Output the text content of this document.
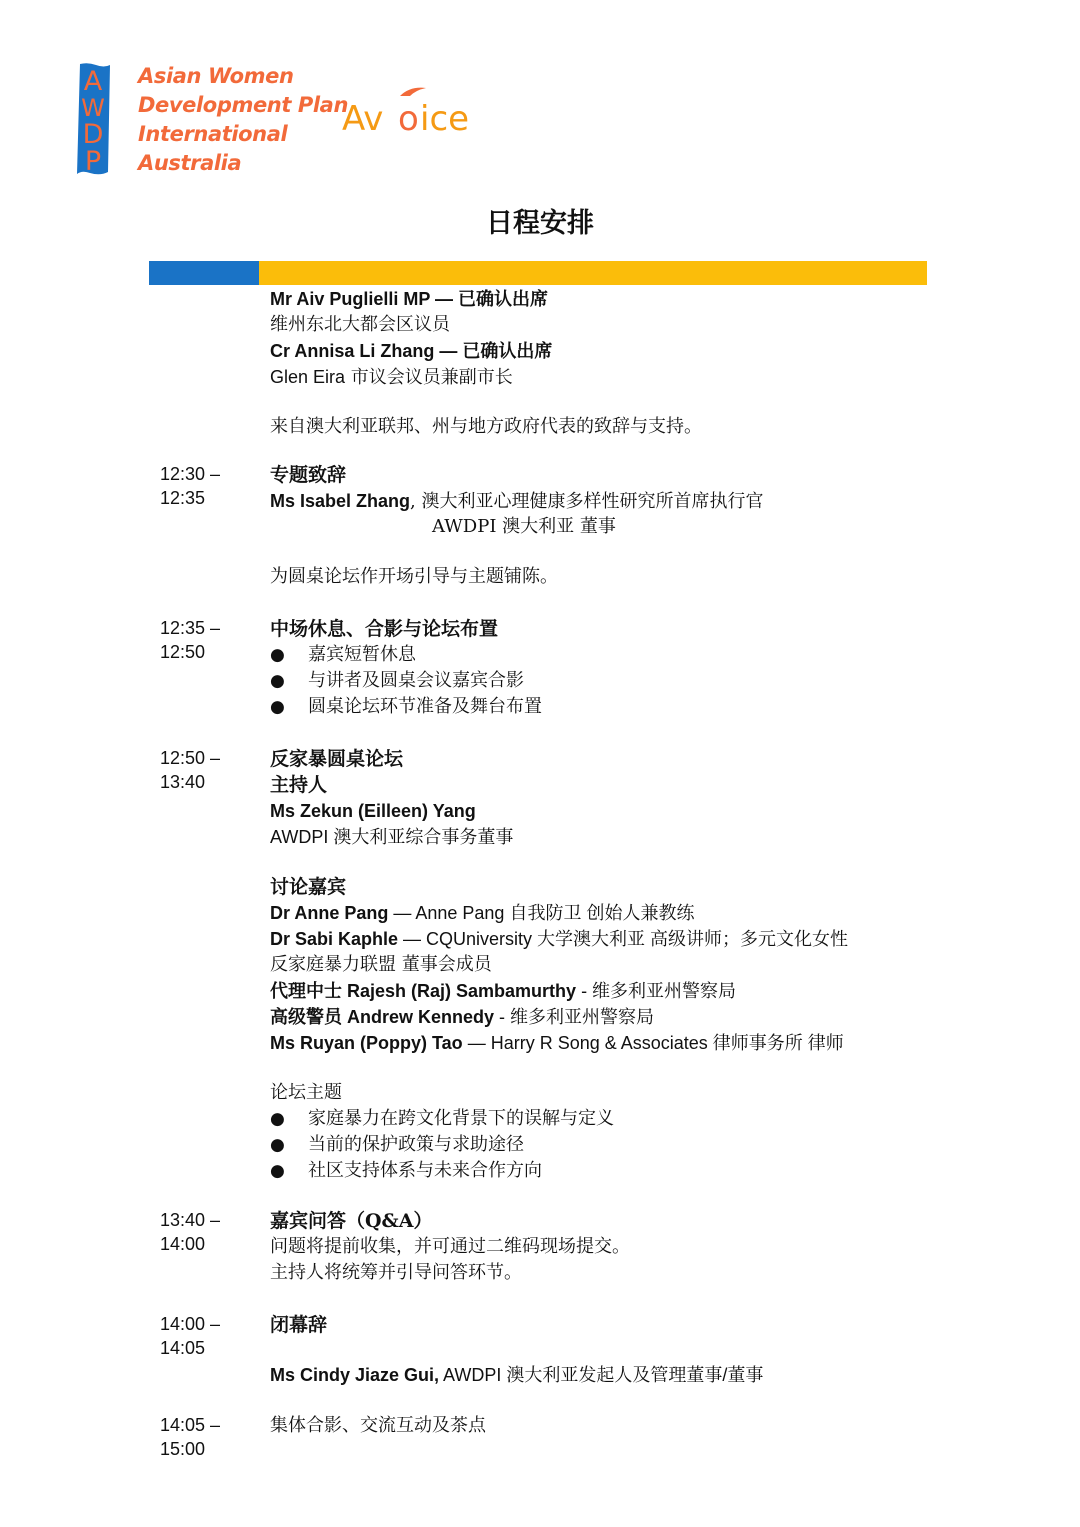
A
W
D
P
Asian Women
Development Plan
International
Australia
Av o ice
日程安排
Mr Aiv Puglielli MP — 已确认出席
维州东北大都会区议员
Cr Annisa Li Zhang — 已确认出席
Glen Eira 市议会议员兼副市长
来自澳大利亚联邦、州与地方政府代表的致辞与支持。
12:30 –
12:35
专题致辞
Ms Isabel Zhang, 澳大利亚心理健康多样性研究所首席执行官
AWDPI 澳大利亚 董事
为圆桌论坛作开场引导与主题铺陈。
12:35 –
12:50
中场休息、合影与论坛布置
● 嘉宾短暂休息
● 与讲者及圆桌会议嘉宾合影
● 圆桌论坛环节准备及舞台布置
12:50 –
13:40
反家暴圆桌论坛
主持人
Ms Zekun (Eilleen) Yang
AWDPI 澳大利亚综合事务董事
讨论嘉宾
Dr Anne Pang — Anne Pang 自我防卫 创始人兼教练
Dr Sabi Kaphle — CQUniversity 大学澳大利亚 高级讲师；多元文化女性
反家庭暴力联盟 董事会成员
代理中士 Rajesh (Raj) Sambamurthy - 维多利亚州警察局
高级警员 Andrew Kennedy - 维多利亚州警察局
Ms Ruyan (Poppy) Tao — Harry R Song & Associates 律师事务所 律师
论坛主题
● 家庭暴力在跨文化背景下的误解与定义
● 当前的保护政策与求助途径
● 社区支持体系与未来合作方向
13:40 –
14:00
嘉宾问答（Q&A）
问题将提前收集，并可通过二维码现场提交。
主持人将统筹并引导问答环节。
14:00 –
14:05
闭幕辞
Ms Cindy Jiaze Gui, AWDPI 澳大利亚发起人及管理董事/董事
14:05 –
15:00
集体合影、交流互动及茶点
